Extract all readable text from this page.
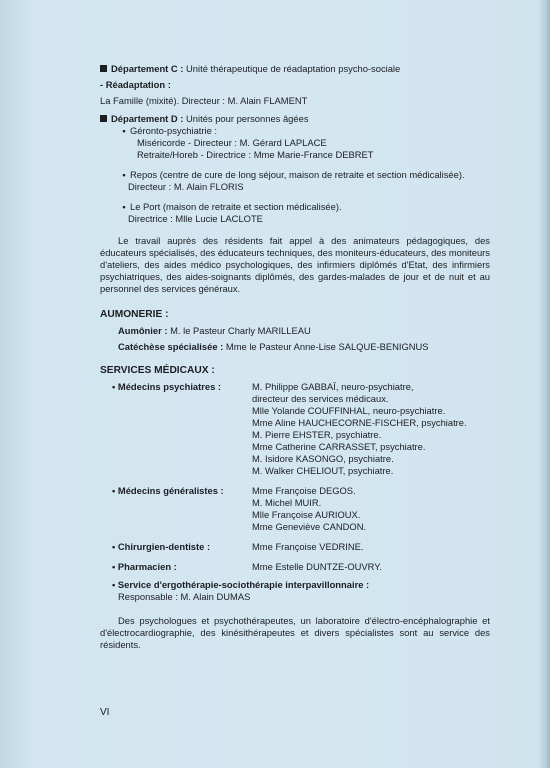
Département C : Unité thérapeutique de réadaptation psycho-sociale
- Réadaptation :
La Famille (mixité). Directeur : M. Alain FLAMENT
Département D : Unités pour personnes âgées
• Géronto-psychiatrie :
Miséricorde - Directeur : M. Gérard LAPLACE
Retraite/Horeb - Directrice : Mme Marie-France DEBRET
• Repos (centre de cure de long séjour, maison de retraite et section médicalisée).
Directeur : M. Alain FLORIS
• Le Port (maison de retraite et section médicalisée).
Directrice : Mlle Lucie LACLOTE
Le travail auprès des résidents fait appel à des animateurs pédagogiques, des éducateurs spécialisés, des éducateurs techniques, des moniteurs-éducateurs, des moniteurs d'ateliers, des aides médico psychologiques, des infirmiers diplômés d'Etat, des infirmiers psychiatriques, des aides-soignants diplômés, des gardes-malades de jour et de nuit et au personnel des services généraux.
AUMONERIE :
Aumônier : M. le Pasteur Charly MARILLEAU
Catéchèse spécialisée : Mme le Pasteur Anne-Lise SALQUE-BENIGNUS
SERVICES MÉDICAUX :
• Médecins psychiatres :	M. Philippe GABBAÏ, neuro-psychiatre,
directeur des services médicaux.
Mlle Yolande COUFFINHAL, neuro-psychiatre.
Mme Aline HAUCHECORNE-FISCHER, psychiatre.
M. Pierre EHSTER, psychiatre.
Mme Catherine CARRASSET, psychiatre.
M. Isidore KASONGO, psychiatre.
M. Walker CHELIOUT, psychiatre.
• Médecins généralistes :	Mme Françoise DEGOS.
M. Michel MUIR.
Mlle Françoise AURIOUX.
Mme Geneviève CANDON.
• Chirurgien-dentiste :	Mme Françoise VEDRINE.
• Pharmacien :	Mme Estelle DUNTZE-OUVRY.
• Service d'ergothérapie-sociothérapie interpavillonnaire :
Responsable : M. Alain DUMAS
Des psychologues et psychothérapeutes, un laboratoire d'électro-encéphalographie et d'électrocardiographie, des kinésithérapeutes et divers spécialistes sont au service des résidents.
VI
